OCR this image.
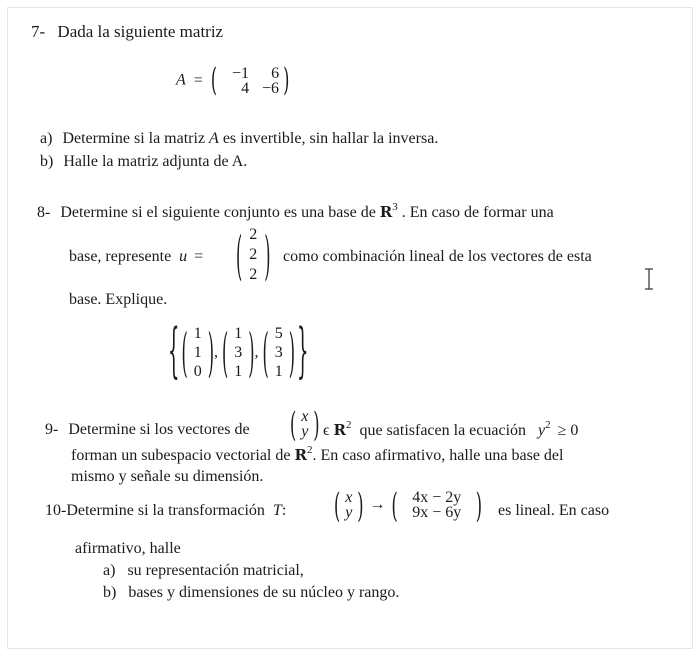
7- Dada la siguiente matriz
A = ( −1 6
4 −6 )
a) Determine si la matriz A es invertible, sin hallar la inversa.
b) Halle la matriz adjunta de A.
8- Determine si el siguiente conjunto es una base de $R^3$ . En caso de formar una
base, represente u = ( 2
2
2 ) como combinación lineal de los vectores de esta
base. Explique.
{ ( 1
1
0 ), ( 1
3
1 ), ( 5
3
1 ) }
9- Determine si los vectores de	( x
y ) ϵ $R^2$ que satisfacen la ecuación $y^2 \ge 0$
forman un subespacio vectorial de $R^2$. En caso afirmativo, halle una base del
mismo y señale su dimensión.
10-Determine si la transformación T:	( x
y ) → ( 4x − 2y
9x − 6y ) es lineal. En caso
afirmativo, halle
a) su representación matricial,
b) bases y dimensiones de su núcleo y rango.
